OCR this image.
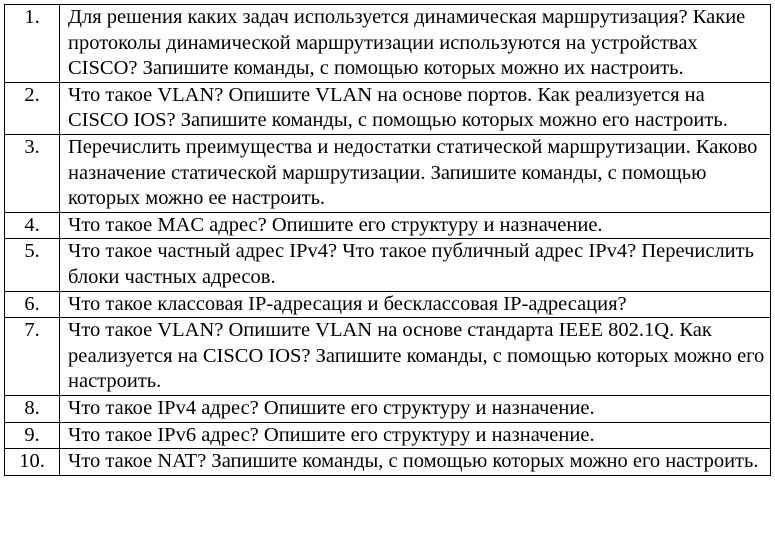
1.	Для решения каких задач используется динамическая маршрутизация? Какие протоколы динамической маршрутизации используются на устройствах CISCO? Запишите команды, с помощью которых можно их настроить.
2.	Что такое VLAN? Опишите VLAN на основе портов. Как реализуется на CISCO IOS? Запишите команды, с помощью которых можно его настроить.
3.	Перечислить преимущества и недостатки статической маршрутизации. Каково назначение статической маршрутизации. Запишите команды, с помощью которых можно ее настроить.
4.	Что такое MAC адрес? Опишите его структуру и назначение.
5.	Что такое частный адрес IPv4? Что такое публичный адрес IPv4? Перечислить блоки частных адресов.
6.	Что такое классовая IP-адресация и бесклассовая IP-адресация?
7.	Что такое VLAN? Опишите VLAN на основе стандарта IEEE 802.1Q. Как реализуется на CISCO IOS? Запишите команды, с помощью которых можно его настроить.
8.	Что такое IPv4 адрес? Опишите его структуру и назначение.
9.	Что такое IPv6 адрес? Опишите его структуру и назначение.
10.	Что такое NAT? Запишите команды, с помощью которых можно его настроить.
